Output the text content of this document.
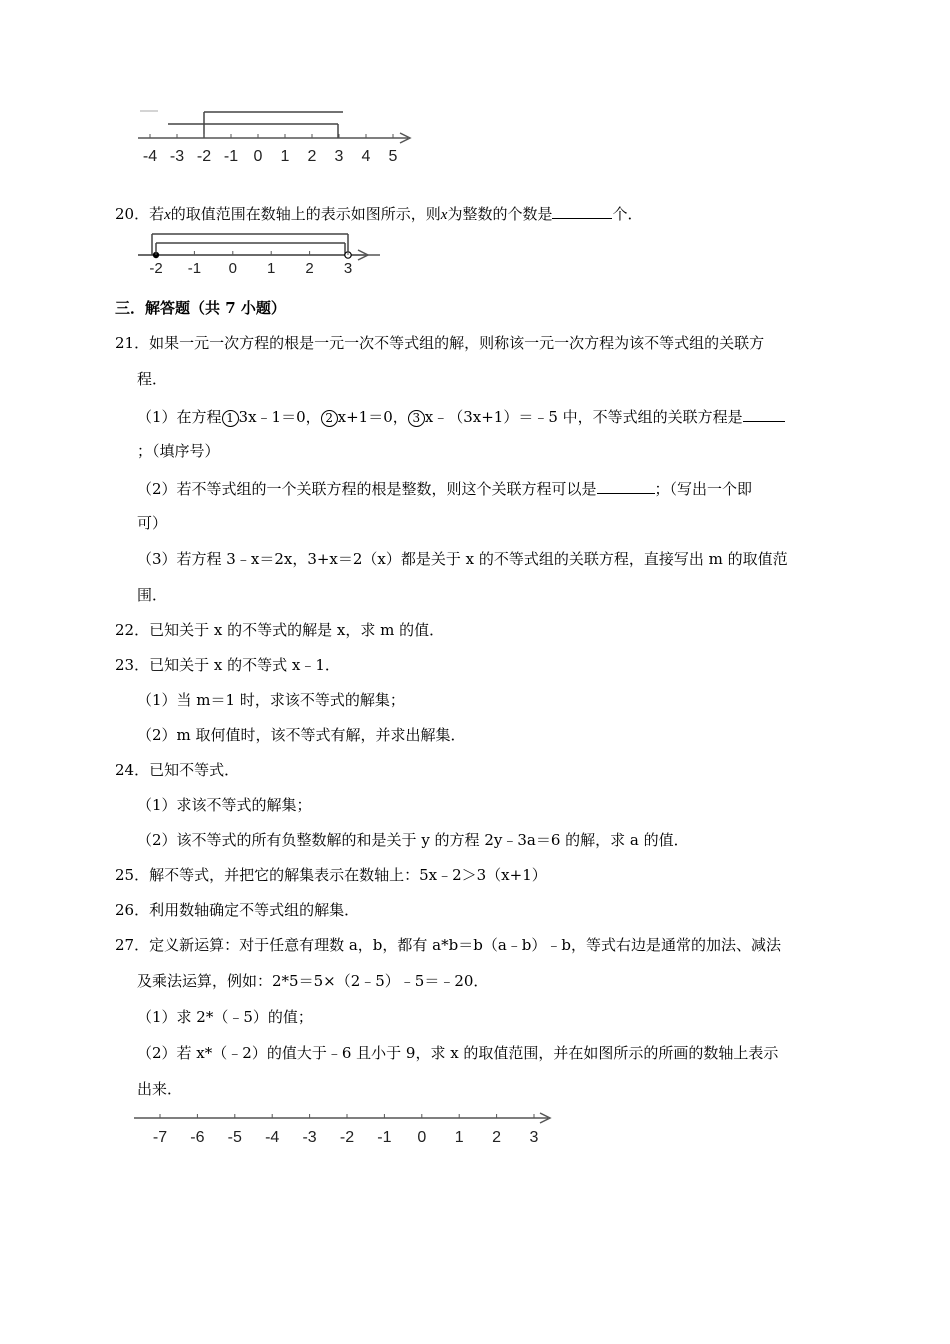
-4 -3 -2 -1 0 1 2 3 4 5
20．若x的取值范围在数轴上的表示如图所示，则x为整数的个数是	个．
-2 -1 0 1 2 3
三．解答题（共 7 小题）
21．如果一元一次方程的根是一元一次不等式组的解，则称该一元一次方程为该不等式组的关联方
程．
（1）在方程 1 3x﹣1＝0， 2 x+1＝0， 3 x﹣（3x+1）＝﹣5 中，不等式组的关联方程是
；（填序号）
（2）若不等式组的一个关联方程的根是整数，则这个关联方程可以是	；（写出一个即
可）
（3）若方程 3﹣x＝2x，3+x＝2（x）都是关于 x 的不等式组的关联方程，直接写出 m 的取值范
围．
22．已知关于 x 的不等式的解是 x，求 m 的值．
23．已知关于 x 的不等式 x﹣1．
（1）当 m＝1 时，求该不等式的解集；
（2）m 取何值时，该不等式有解，并求出解集．
24．已知不等式．
（1）求该不等式的解集；
（2）该不等式的所有负整数解的和是关于 y 的方程 2y﹣3a＝6 的解，求 a 的值．
25．解不等式，并把它的解集表示在数轴上：5x﹣2＞3（x+1）
26．利用数轴确定不等式组的解集．
27．定义新运算：对于任意有理数 a，b，都有 a*b＝b（a﹣b）﹣b，等式右边是通常的加法、减法
及乘法运算，例如：2*5＝5×（2﹣5）﹣5＝﹣20．
（1）求 2*（﹣5）的值；
（2）若 x*（﹣2）的值大于﹣6 且小于 9，求 x 的取值范围，并在如图所示的所画的数轴上表示
出来．
-7 -6 -5 -4 -3 -2 -1 0 1 2 3
